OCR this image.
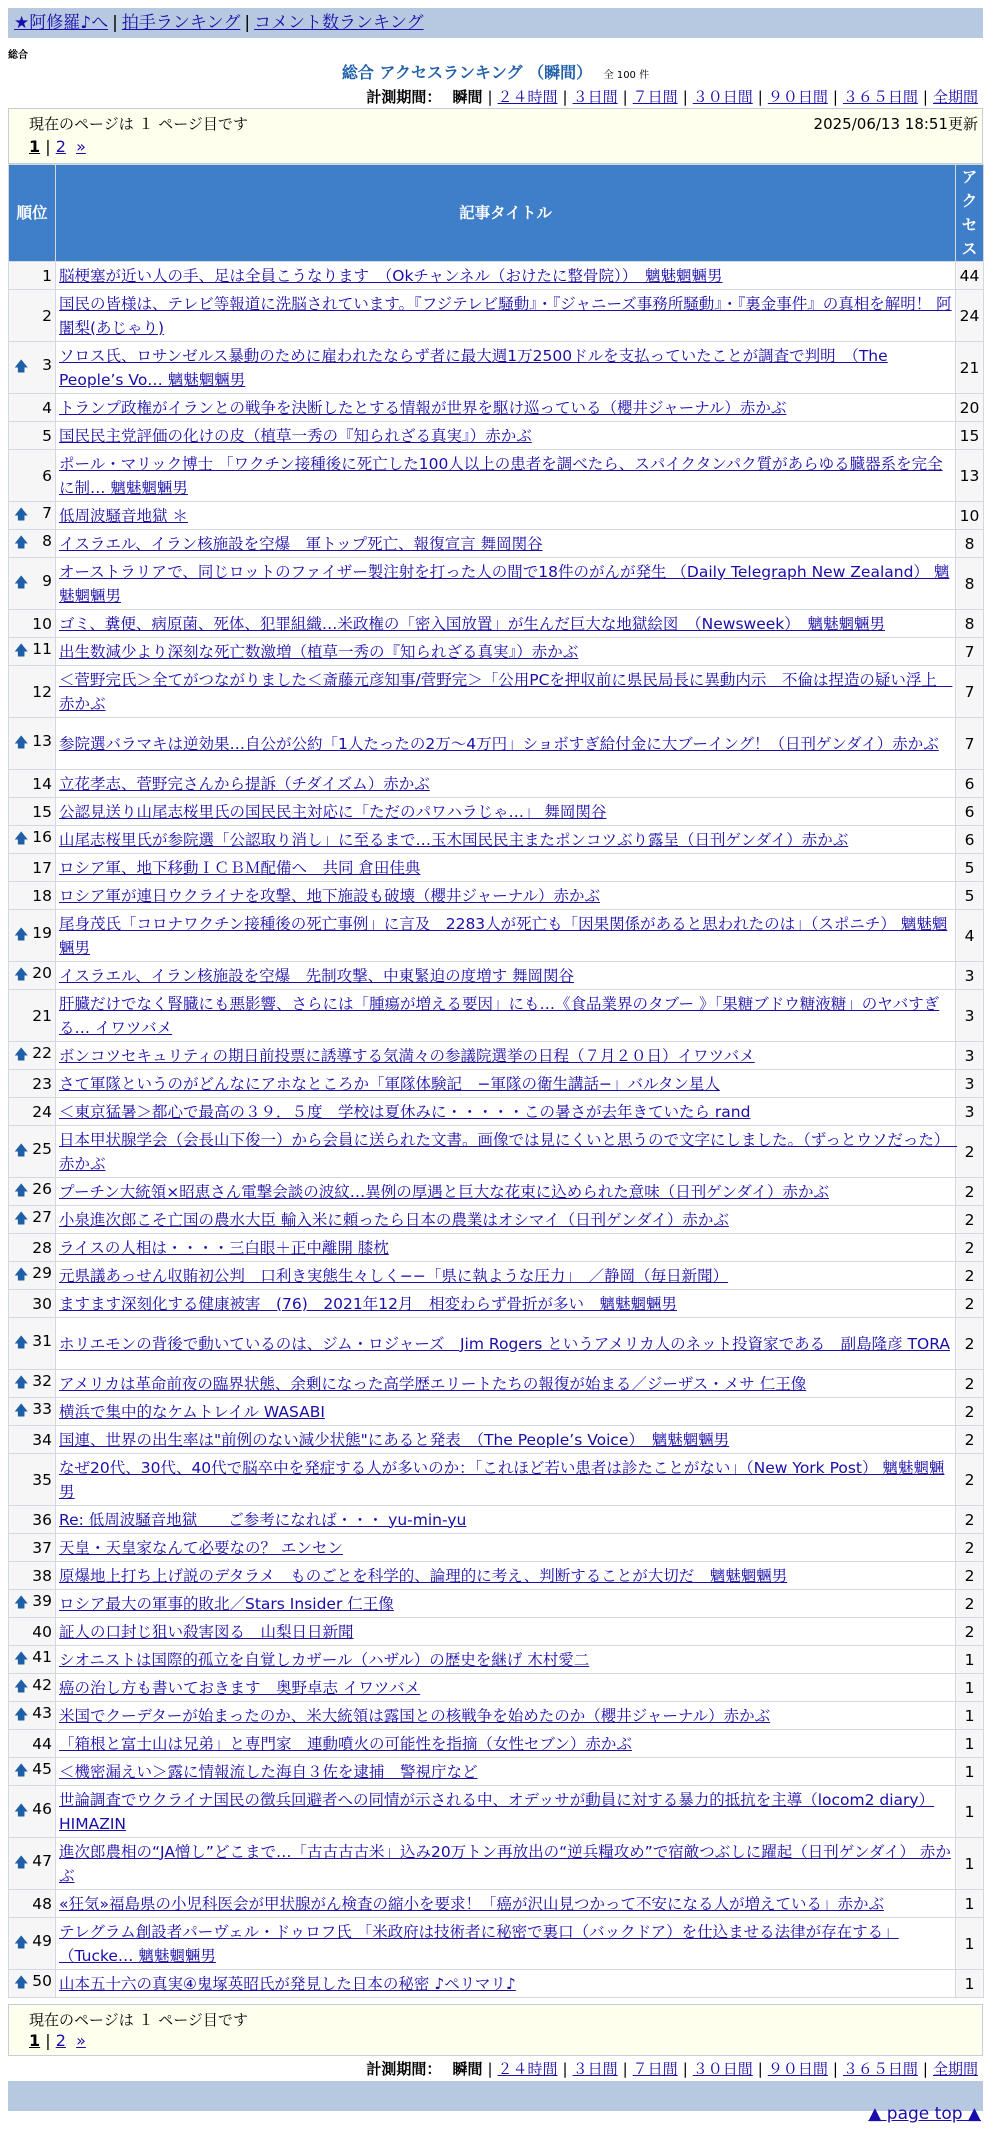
★阿修羅♪へ | 拍手ランキング | コメント数ランキング
総合
総合 アクセスランキング （瞬間） 全 100 件
計測期間： 瞬間 | ２４時間 | ３日間 | ７日間 | ３０日間 | ９０日間 | ３６５日間 | 全期間
現在のページは １ ページ目です	2025/06/13 18:51更新
1 | 2 »
順位	記事タイトル	アクセス
1	脳梗塞が近い人の手、足は全員こうなります　（Okチャンネル（おけたに整骨院））　魑魅魍魎男	44
2	国民の皆様は、テレビ等報道に洗脳されています。『フジテレビ騒動』・『ジャニーズ事務所騒動』・『裏金事件』の真相を解明！ 阿闍梨(あじゃり)	24

🡅 3	ソロス氏、ロサンゼルス暴動のために雇われたならず者に最大週1万2500ドルを支払っていたことが調査で判明　（The People’s Vo… 魑魅魍魎男	21
4	トランプ政権がイランとの戦争を決断したとする情報が世界を駆け巡っている（櫻井ジャーナル）赤かぶ	20
5	国民民主党評価の化けの皮（植草一秀の『知られざる真実』）赤かぶ	15
6	ポール・マリック博士 「ワクチン接種後に死亡した100人以上の患者を調べたら、スパイクタンパク質があらゆる臓器系を完全に制… 魑魅魍魎男	13

🡅 7	低周波騒音地獄 ＊	10

🡅 8	イスラエル、イラン核施設を空爆　軍トップ死亡、報復宣言 舞岡関谷	8

🡅 9	オーストラリアで、同じロットのファイザー製注射を打った人の間で18件のがんが発生 （Daily Telegraph New Zealand） 魑魅魍魎男	8
10	ゴミ、糞便、病原菌、死体、犯罪組織…米政権の「密入国放置」が生んだ巨大な地獄絵図　（Newsweek）　魑魅魍魎男	8

🡅 11	出生数減少より深刻な死亡数激増（植草一秀の『知られざる真実』）赤かぶ	7
12	＜菅野完氏＞全てがつながりました＜斎藤元彦知事/菅野完＞「公用PCを押収前に県民局長に異動内示　不倫は捏造の疑い浮上　赤かぶ	7

🡅 13	参院選バラマキは逆効果…自公が公約「1人たったの2万〜4万円」ショボすぎ給付金に大ブーイング！（日刊ゲンダイ）赤かぶ	7
14	立花孝志、菅野完さんから提訴（チダイズム）赤かぶ	6
15	公認見送り山尾志桜里氏の国民民主対応に「ただのパワハラじゃ…」 舞岡関谷	6

🡅 16	山尾志桜里氏が参院選「公認取り消し」に至るまで…玉木国民民主またポンコツぶり露呈（日刊ゲンダイ）赤かぶ	6
17	ロシア軍、地下移動ＩＣＢＭ配備へ　共同 倉田佳典	5
18	ロシア軍が連日ウクライナを攻撃、地下施設も破壊（櫻井ジャーナル）赤かぶ	5

🡅 19	尾身茂氏「コロナワクチン接種後の死亡事例」に言及　2283人が死亡も「因果関係があると思われたのは」（スポニチ） 魑魅魍魎男	4

🡅 20	イスラエル、イラン核施設を空爆　先制攻撃、中東緊迫の度増す 舞岡関谷	3
21	肝臓だけでなく腎臓にも悪影響、さらには「腫瘍が増える要因」にも…《食品業界のタブー 》「果糖ブドウ糖液糖」のヤバすぎる… イワツバメ	3

🡅 22	ボンコツセキュリティの期日前投票に誘導する気満々の参議院選挙の日程（７月２０日）イワツバメ	3
23	さて軍隊というのがどんなにアホなところか「軍隊体験記　−軍隊の衛生講話−」バルタン星人	3
24	＜東京猛暑＞都心で最高の３９．５度　学校は夏休みに・・・・・この暑さが去年きていたら rand	3

🡅 25	日本甲状腺学会（会長山下俊一）から会員に送られた文書。画像では見にくいと思うので文字にしました。（ずっとウソだった）　赤かぶ	2

🡅 26	プーチン大統領×昭恵さん電撃会談の波紋…異例の厚遇と巨大な花束に込められた意味（日刊ゲンダイ）赤かぶ	2

🡅 27	小泉進次郎こそ亡国の農水大臣 輸入米に頼ったら日本の農業はオシマイ（日刊ゲンダイ）赤かぶ	2
28	ライスの人相は・・・・三白眼＋正中離開 膝枕	2

🡅 29	元県議あっせん収賄初公判　口利き実態生々しく−−「県に執ような圧力」　／静岡（毎日新聞）	2
30	ますます深刻化する健康被害　(76)　2021年12月　相変わらず骨折が多い　魑魅魍魎男	2

🡅 31	ホリエモンの背後で動いているのは、ジム・ロジャーズ　Jim Rogers というアメリカ人のネット投資家である　副島隆彦 TORA	2

🡅 32	アメリカは革命前夜の臨界状態、余剰になった高学歴エリートたちの報復が始まる／ジーザス・メサ 仁王像	2

🡅 33	横浜で集中的なケムトレイル WASABI	2
34	国連、世界の出生率は"前例のない減少状態"にあると発表　（The People’s Voice）　魑魅魍魎男	2
35	なぜ20代、30代、40代で脳卒中を発症する人が多いのか：「これほど若い患者は診たことがない」（New York Post） 魑魅魍魎男	2
36	Re: 低周波騒音地獄　　ご参考になれば・・・ yu-min-yu	2
37	天皇・天皇家なんて必要なの？ エンセン	2
38	原爆地上打ち上げ説のデタラメ　ものごとを科学的、論理的に考え、判断することが大切だ　魑魅魍魎男	2

🡅 39	ロシア最大の軍事的敗北／Stars Insider 仁王像	2
40	証人の口封じ狙い殺害図る　山梨日日新聞	2

🡅 41	シオニストは国際的孤立を自覚しカザール（ハザル）の歴史を継げ 木村愛二	1

🡅 42	癌の治し方も書いておきます　奥野卓志 イワツバメ	1

🡅 43	米国でクーデターが始まったのか、米大統領は露国との核戦争を始めたのか（櫻井ジャーナル）赤かぶ	1
44	「箱根と富士山は兄弟」と専門家　連動噴火の可能性を指摘（女性セブン）赤かぶ	1

🡅 45	＜機密漏えい＞露に情報流した海自３佐を逮捕　警視庁など	1

🡅 46	世論調査でウクライナ国民の徴兵回避者への同情が示される中、オデッサが動員に対する暴力的抵抗を主導（locom2 diary） HIMAZIN	1

🡅 47	進次郎農相の“JA憎し”どこまで…「古古古古米」込み20万トン再放出の“逆兵糧攻め”で宿敵つぶしに躍起（日刊ゲンダイ） 赤かぶ	1
48	«狂気»福島県の小児科医会が甲状腺がん検査の縮小を要求！「癌が沢山見つかって不安になる人が増えている」赤かぶ	1

🡅 49	テレグラム創設者パーヴェル・ドゥロフ氏 「米政府は技術者に秘密で裏口（バックドア）を仕込ませる法律が存在する」（Tucke… 魑魅魍魎男	1

🡅 50	山本五十六の真実④鬼塚英昭氏が発見した日本の秘密 ♪ペリマリ♪	1
現在のページは １ ページ目です
1 | 2 »
計測期間： 瞬間 | ２４時間 | ３日間 | ７日間 | ３０日間 | ９０日間 | ３６５日間 | 全期間
▲ page top ▲
